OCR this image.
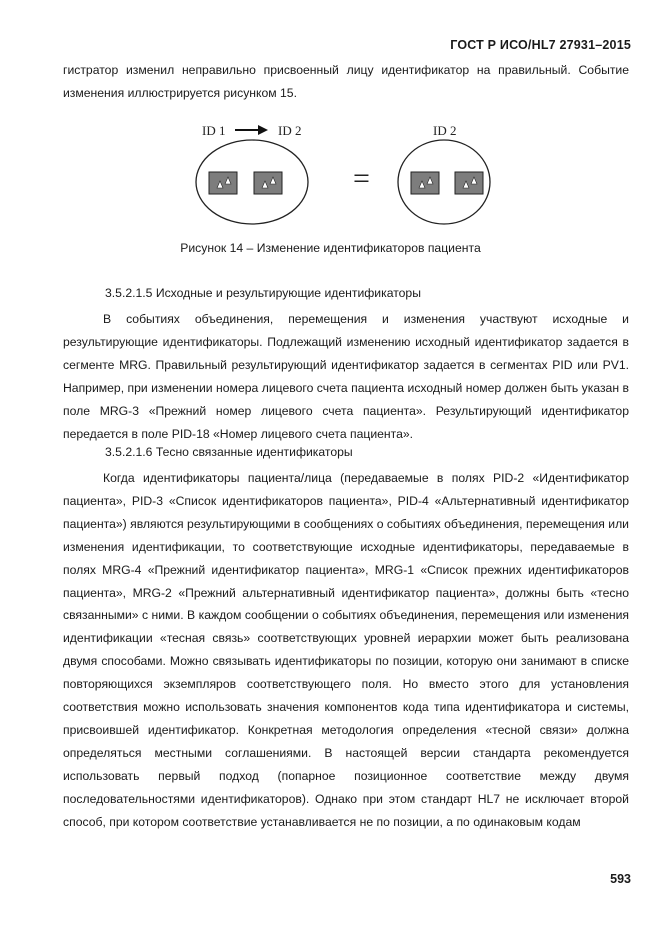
ГОСТ Р ИСО/HL7 27931–2015
гистратор изменил неправильно присвоенный лицу идентификатор на правильный. Событие изменения иллюстрируется рисунком 15.
ID 1	ID 2	ID 2
=
Рисунок 14 – Изменение идентификаторов пациента
3.5.2.1.5 Исходные и результирующие идентификаторы
В событиях объединения, перемещения и изменения участвуют исходные и результирующие идентификаторы. Подлежащий изменению исходный идентификатор задается в сегменте MRG. Правильный результирующий идентификатор задается в сегментах PID или PV1. Например, при изменении номера лицевого счета пациента исходный номер должен быть указан в поле MRG-3 «Прежний номер лицевого счета пациента». Результирующий идентификатор передается в поле PID-18 «Номер лицевого счета пациента».
3.5.2.1.6 Тесно связанные идентификаторы
Когда идентификаторы пациента/лица (передаваемые в полях PID-2 «Идентификатор пациента», PID-3 «Список идентификаторов пациента», PID-4 «Альтернативный идентификатор пациента») являются результирующими в сообщениях о событиях объединения, перемещения или изменения идентификации, то соответствующие исходные идентификаторы, передаваемые в полях MRG-4 «Прежний идентификатор пациента», MRG-1 «Список прежних идентификаторов пациента», MRG-2 «Прежний альтернативный идентификатор пациента», должны быть «тесно связанными» с ними. В каждом сообщении о событиях объединения, перемещения или изменения идентификации «тесная связь» соответствующих уровней иерархии может быть реализована двумя способами. Можно связывать идентификаторы по позиции, которую они занимают в списке повторяющихся экземпляров соответствующего поля. Но вместо этого для установления соответствия можно использовать значения компонентов кода типа идентификатора и системы, присвоившей идентификатор. Конкретная методология определения «тесной связи» должна определяться местными соглашениями. В настоящей версии стандарта рекомендуется использовать первый подход (попарное позиционное соответствие между двумя последовательностями идентификаторов). Однако при этом стандарт HL7 не исключает второй способ, при котором соответствие устанавливается не по позиции, а по одинаковым кодам
593
